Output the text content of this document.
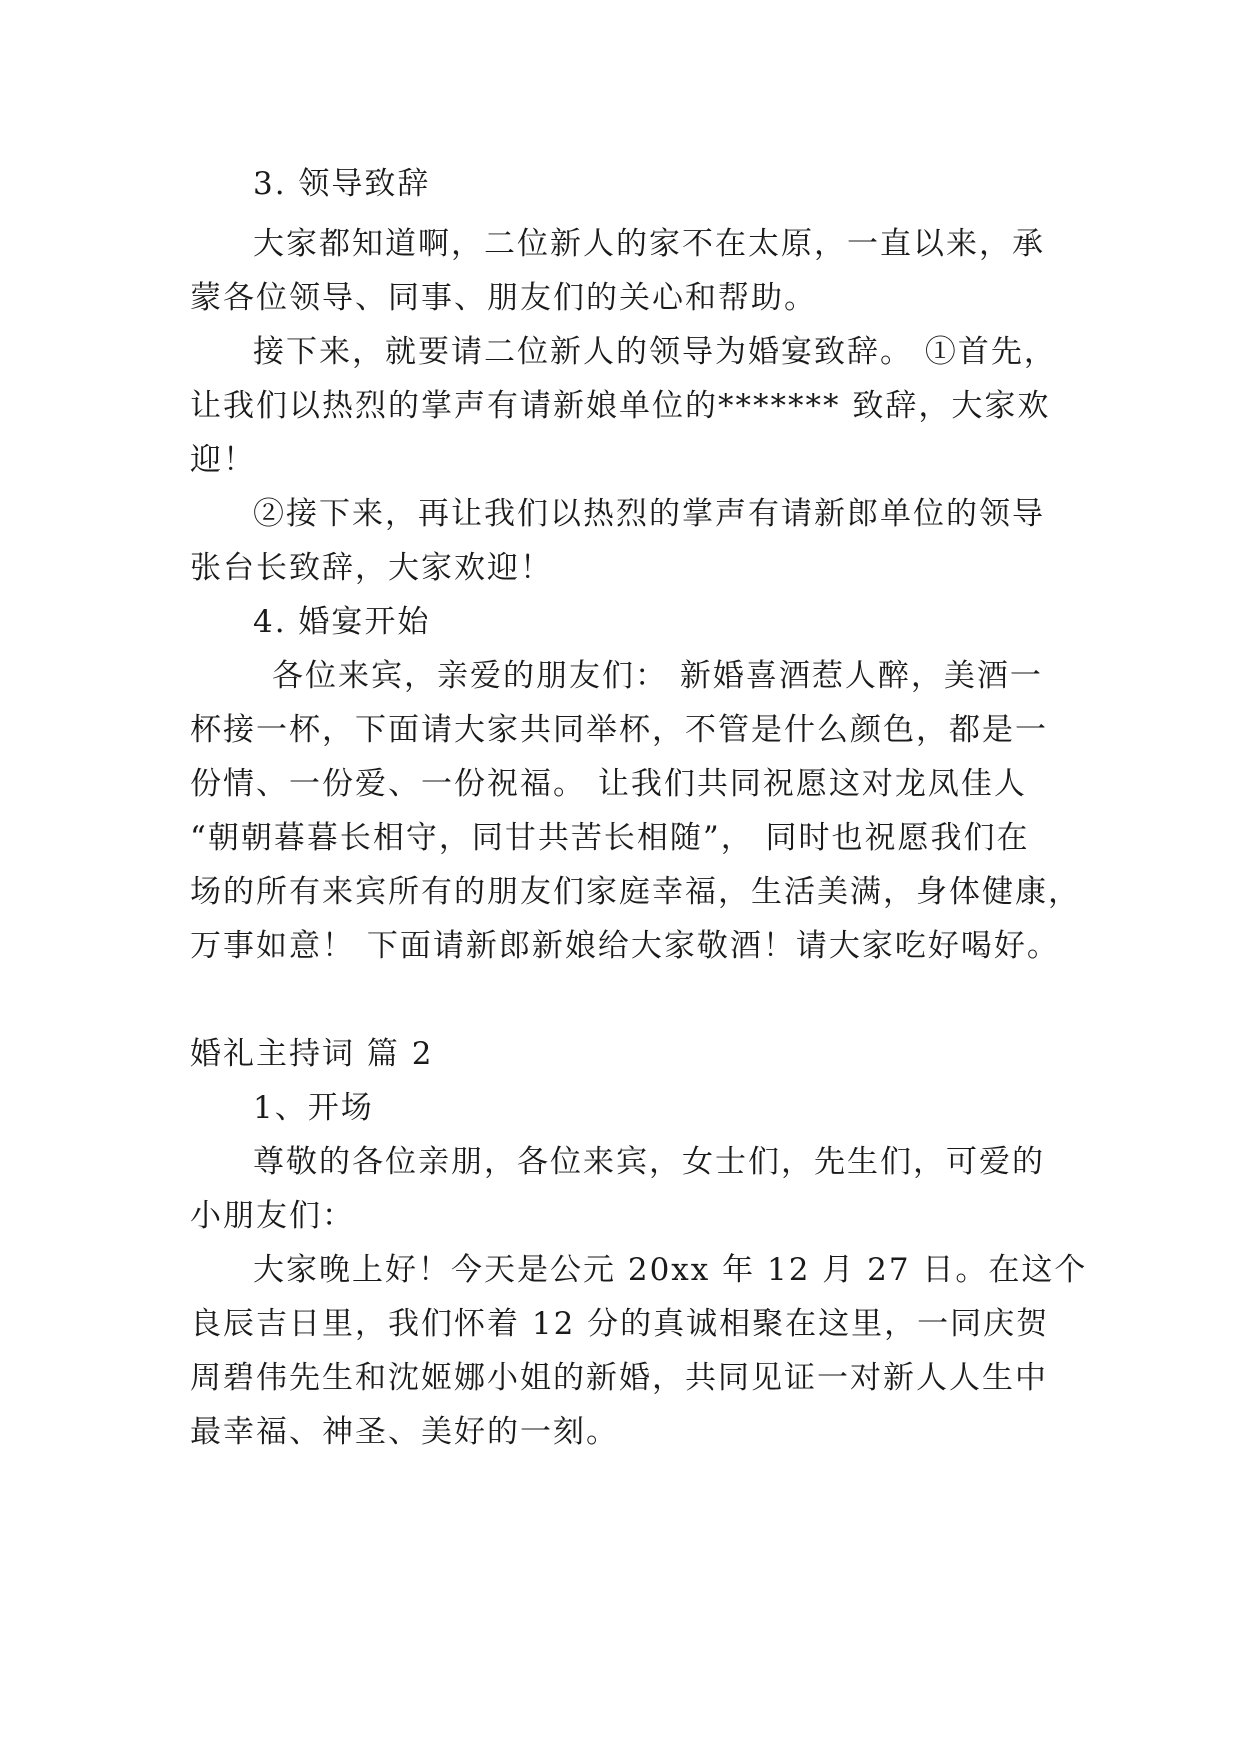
3. 领导致辞
大家都知道啊，二位新人的家不在太原，一直以来，承
蒙各位领导、同事、朋友们的关心和帮助。
接下来，就要请二位新人的领导为婚宴致辞。 ①首先，
让我们以热烈的掌声有请新娘单位的******* 致辞，大家欢
迎！
②接下来，再让我们以热烈的掌声有请新郎单位的领导
张台长致辞，大家欢迎！
4. 婚宴开始
各位来宾，亲爱的朋友们： 新婚喜酒惹人醉，美酒一
杯接一杯，下面请大家共同举杯，不管是什么颜色，都是一
份情、一份爱、一份祝福。 让我们共同祝愿这对龙凤佳人
“朝朝暮暮长相守，同甘共苦长相随”， 同时也祝愿我们在
场的所有来宾所有的朋友们家庭幸福，生活美满，身体健康，
万事如意！ 下面请新郎新娘给大家敬酒！请大家吃好喝好。
婚礼主持词 篇 2
1、开场
尊敬的各位亲朋，各位来宾，女士们，先生们，可爱的
小朋友们：
大家晚上好！今天是公元 20xx 年 12 月 27 日。在这个
良辰吉日里，我们怀着 12 分的真诚相聚在这里，一同庆贺
周碧伟先生和沈姬娜小姐的新婚，共同见证一对新人人生中
最幸福、神圣、美好的一刻。
